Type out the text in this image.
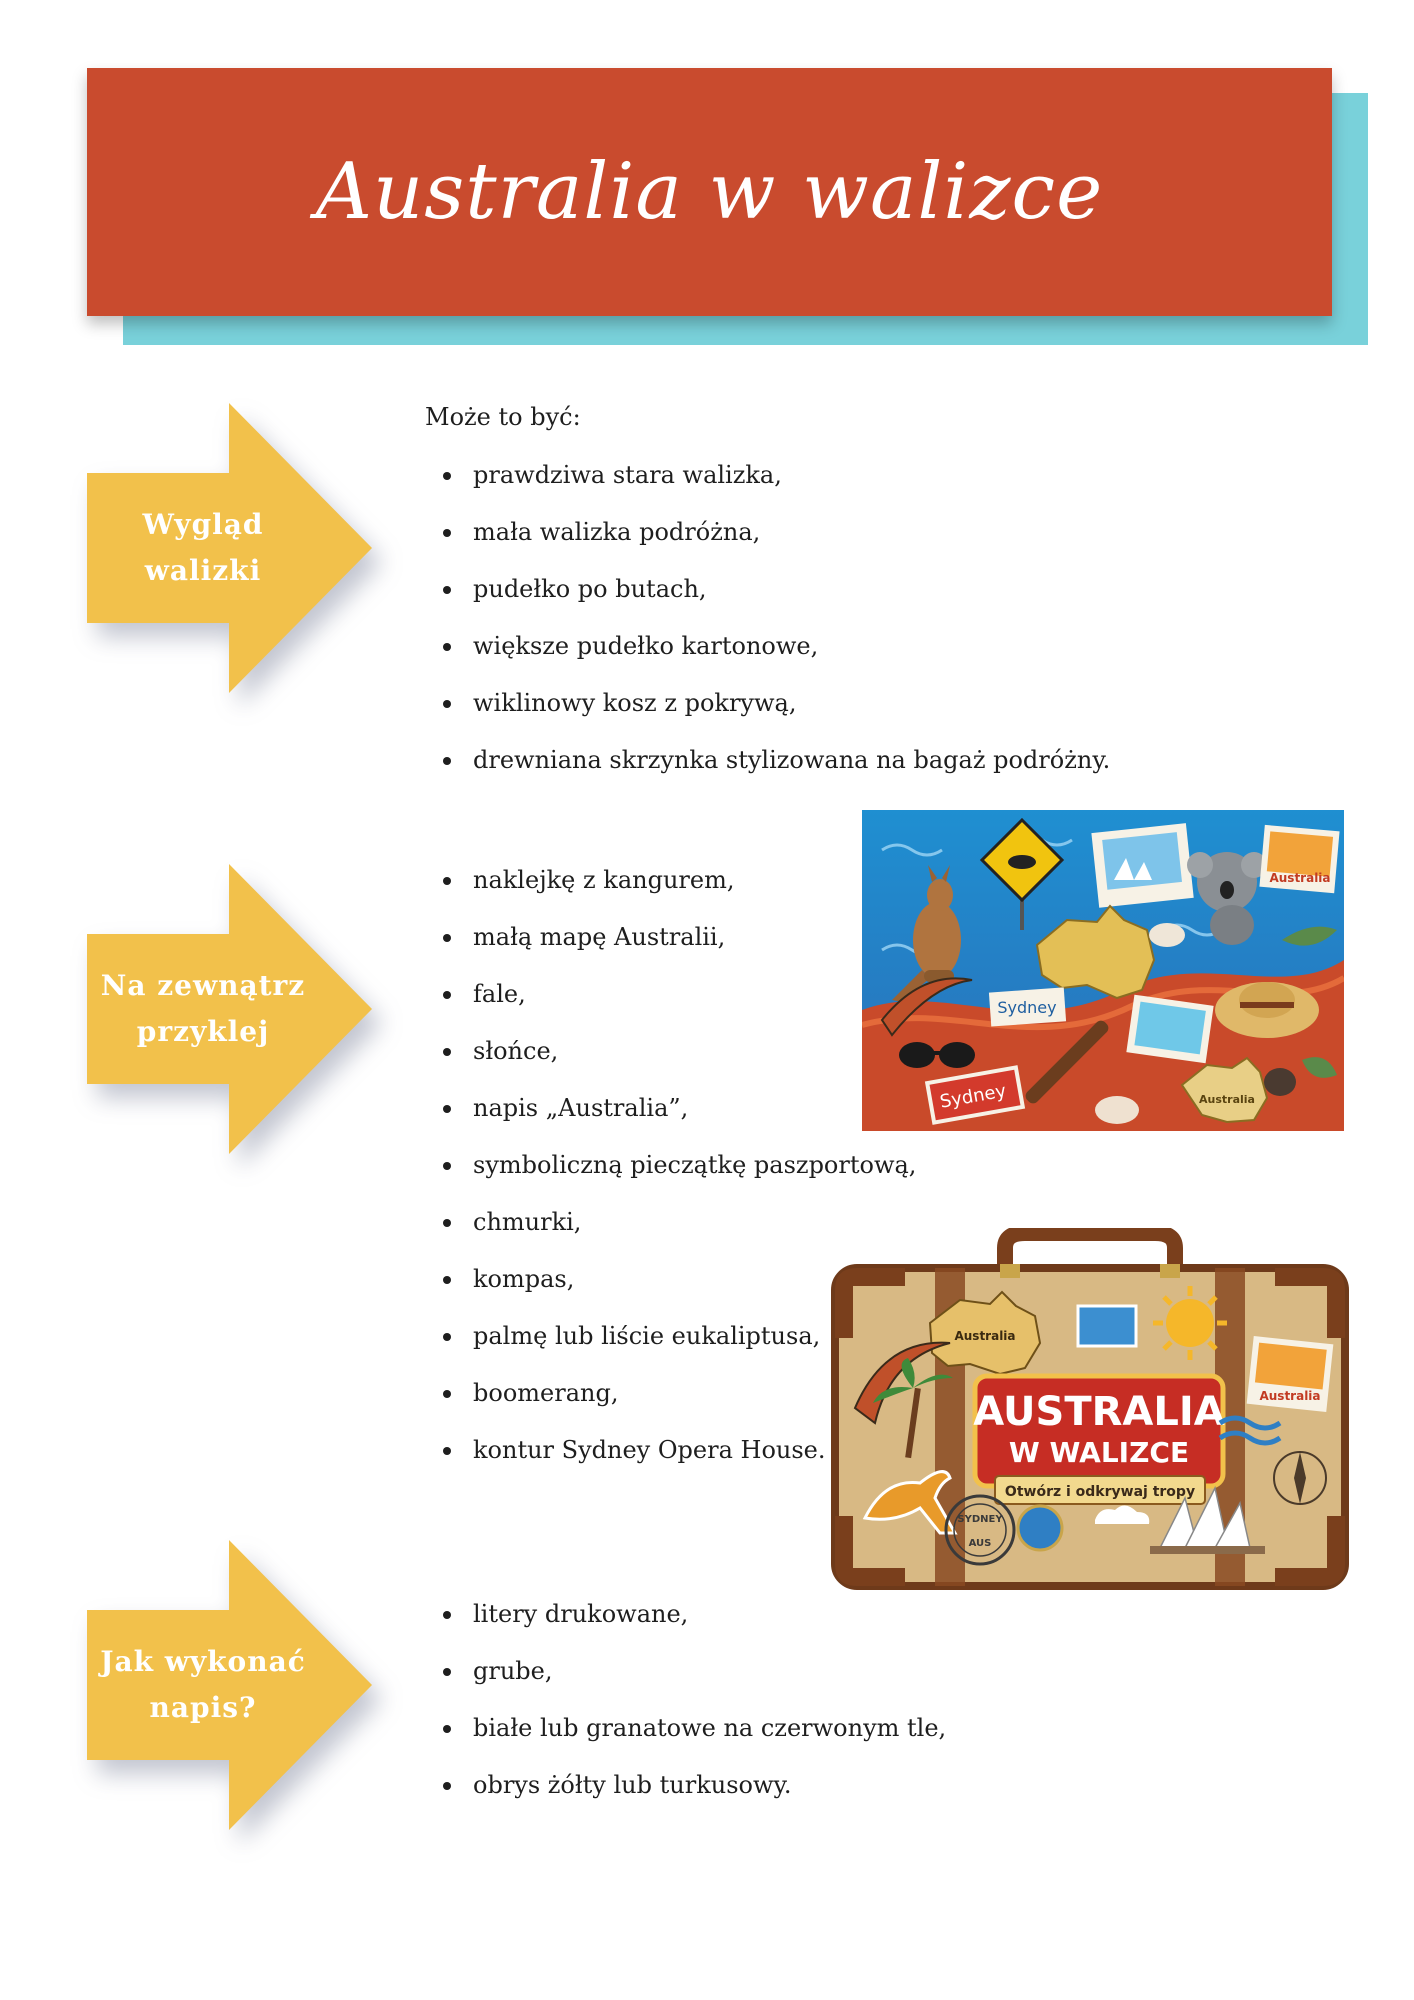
Australia w walizce
Wygląd
walizki
Może to być:
prawdziwa stara walizka,
mała walizka podróżna,
pudełko po butach,
większe pudełko kartonowe,
wiklinowy kosz z pokrywą,
drewniana skrzynka stylizowana na bagaż podróżny.
Na zewnątrz
przyklej
naklejkę z kangurem,
małą mapę Australii,
fale,
słońce,
napis „Australia”,
symboliczną pieczątkę paszportową,
chmurki,
kompas,
palmę lub liście eukaliptusa,
boomerang,
kontur Sydney Opera House.
Australia
Sydney
Sydney	Australia
Australia
Australia
AUSTRALIA
W WALIZCE
Otwórz i odkrywaj tropy
SYDNEY
AUS
Jak wykonać
napis?
litery drukowane,
grube,
białe lub granatowe na czerwonym tle,
obrys żółty lub turkusowy.
